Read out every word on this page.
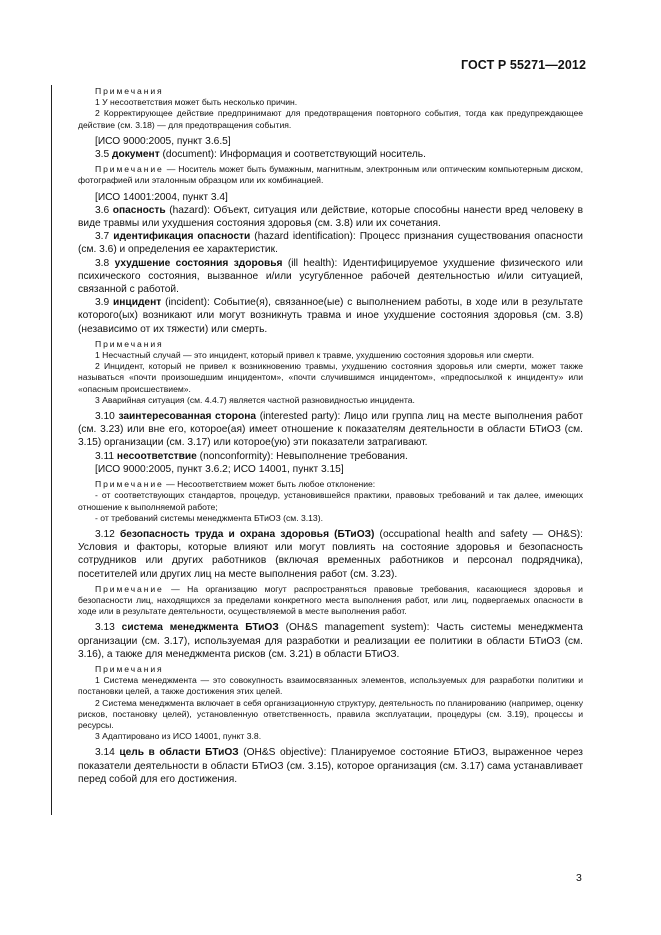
ГОСТ Р 55271—2012

Примечания

1 У несоответствия может быть несколько причин.

2 Корректирующее действие предпринимают для предотвращения повторного события, тогда как предупреждающее действие (см. 3.18) — для предотвращения события.

[ИСО 9000:2005, пункт 3.6.5]

3.5 документ (document): Информация и соответствующий носитель.

Примечание — Носитель может быть бумажным, магнитным, электронным или оптическим компьютерным диском, фотографией или эталонным образцом или их комбинацией.

[ИСО 14001:2004, пункт 3.4]

3.6 опасность (hazard): Объект, ситуация или действие, которые способны нанести вред человеку в виде травмы или ухудшения состояния здоровья (см. 3.8) или их сочетания.

3.7 идентификация опасности (hazard identification): Процесс признания существования опасности (см. 3.6) и определения ее характеристик.

3.8 ухудшение состояния здоровья (ill health): Идентифицируемое ухудшение физического или психического состояния, вызванное и/или усугубленное рабочей деятельностью и/или ситуацией, связанной с работой.

3.9 инцидент (incident): Событие(я), связанное(ые) с выполнением работы, в ходе или в результате которого(ых) возникают или могут возникнуть травма и иное ухудшение состояния здоровья (см. 3.8) (независимо от их тяжести) или смерть.

Примечания

1 Несчастный случай — это инцидент, который привел к травме, ухудшению состояния здоровья или смерти.

2 Инцидент, который не привел к возникновению травмы, ухудшению состояния здоровья или смерти, может также называться «почти произошедшим инцидентом», «почти случившимся инцидентом», «предпосылкой к инциденту» или «опасным происшествием».

3 Аварийная ситуация (см. 4.4.7) является частной разновидностью инцидента.

3.10 заинтересованная сторона (interested party): Лицо или группа лиц на месте выполнения работ (см. 3.23) или вне его, которое(ая) имеет отношение к показателям деятельности в области БТиОЗ (см. 3.15) организации (см. 3.17) или которое(ую) эти показатели затрагивают.

3.11 несоответствие (nonconformity): Невыполнение требования.

[ИСО 9000:2005, пункт 3.6.2; ИСО 14001, пункт 3.15]

Примечание — Несоответствием может быть любое отклонение:

- от соответствующих стандартов, процедур, установившейся практики, правовых требований и так далее, имеющих отношение к выполняемой работе;

- от требований системы менеджмента БТиОЗ (см. 3.13).

3.12 безопасность труда и охрана здоровья (БТиОЗ) (occupational health and safety — OH&S): Условия и факторы, которые влияют или могут повлиять на состояние здоровья и безопасность сотрудников или других работников (включая временных работников и персонал подрядчика), посетителей или других лиц на месте выполнения работ (см. 3.23).

Примечание — На организацию могут распространяться правовые требования, касающиеся здоровья и безопасности лиц, находящихся за пределами конкретного места выполнения работ, или лиц, подвергаемых опасности в ходе или в результате деятельности, осуществляемой в месте выполнения работ.

3.13 система менеджмента БТиОЗ (OH&S management system): Часть системы менеджмента организации (см. 3.17), используемая для разработки и реализации ее политики в области БТиОЗ (см. 3.16), а также для менеджмента рисков (см. 3.21) в области БТиОЗ.

Примечания

1 Система менеджмента — это совокупность взаимосвязанных элементов, используемых для разработки политики и постановки целей, а также достижения этих целей.

2 Система менеджмента включает в себя организационную структуру, деятельность по планированию (например, оценку рисков, постановку целей), установленную ответственность, правила эксплуатации, процедуры (см. 3.19), процессы и ресурсы.

3 Адаптировано из ИСО 14001, пункт 3.8.

3.14 цель в области БТиОЗ (OH&S objective): Планируемое состояние БТиОЗ, выраженное через показатели деятельности в области БТиОЗ (см. 3.15), которое организация (см. 3.17) сама устанавливает перед собой для его достижения.

3
